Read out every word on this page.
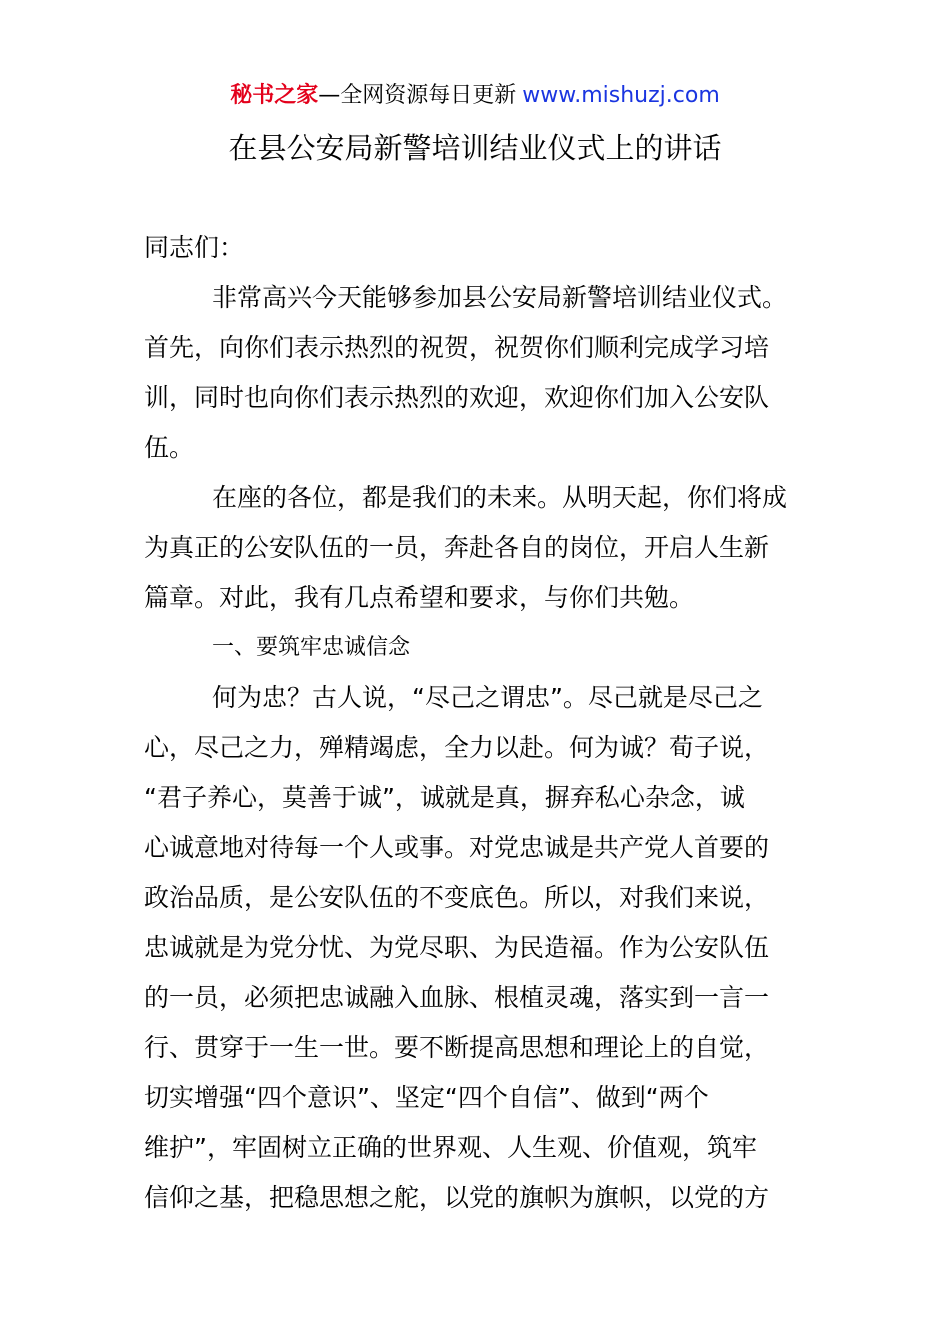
秘书之家—全网资源每日更新 www.mishuzj.com
在县公安局新警培训结业仪式上的讲话
同志们：
非常高兴今天能够参加县公安局新警培训结业仪式。
首先，向你们表示热烈的祝贺，祝贺你们顺利完成学习培
训，同时也向你们表示热烈的欢迎，欢迎你们加入公安队
伍。
在座的各位，都是我们的未来。从明天起，你们将成
为真正的公安队伍的一员，奔赴各自的岗位，开启人生新
篇章。对此，我有几点希望和要求，与你们共勉。
一、要筑牢忠诚信念
何为忠？古人说，“尽己之谓忠”。尽己就是尽己之
心，尽己之力，殚精竭虑，全力以赴。何为诚？荀子说，
“君子养心，莫善于诚”，诚就是真，摒弃私心杂念，诚
心诚意地对待每一个人或事。对党忠诚是共产党人首要的
政治品质，是公安队伍的不变底色。所以，对我们来说，
忠诚就是为党分忧、为党尽职、为民造福。作为公安队伍
的一员，必须把忠诚融入血脉、根植灵魂，落实到一言一
行、贯穿于一生一世。要不断提高思想和理论上的自觉，
切实增强“四个意识”、坚定“四个自信”、做到“两个
维护”，牢固树立正确的世界观、人生观、价值观，筑牢
信仰之基，把稳思想之舵，以党的旗帜为旗帜，以党的方
